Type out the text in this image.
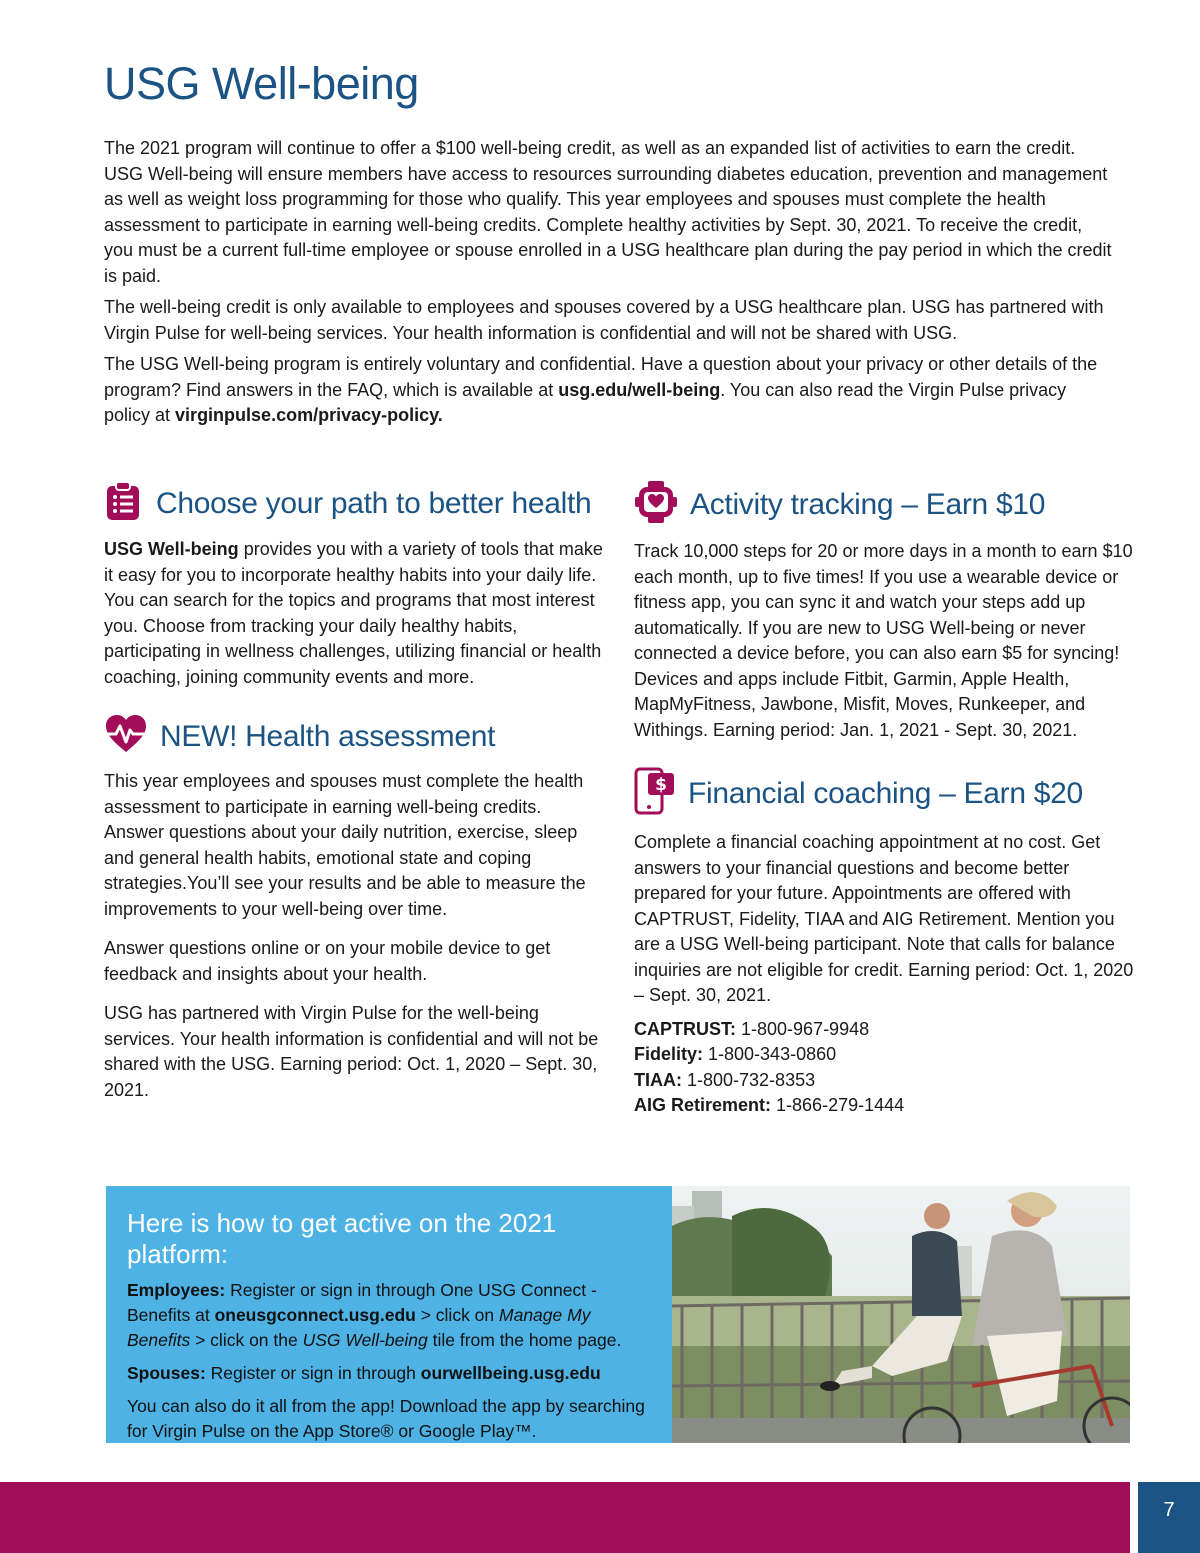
USG Well-being

The 2021 program will continue to offer a $100 well-being credit, as well as an expanded list of activities to earn the credit. USG Well-being will ensure members have access to resources surrounding diabetes education, prevention and management as well as weight loss programming for those who qualify. This year employees and spouses must complete the health assessment to participate in earning well-being credits. Complete healthy activities by Sept. 30, 2021. To receive the credit, you must be a current full-time employee or spouse enrolled in a USG healthcare plan during the pay period in which the credit is paid.

The well-being credit is only available to employees and spouses covered by a USG healthcare plan. USG has partnered with Virgin Pulse for well-being services. Your health information is confidential and will not be shared with USG.

The USG Well-being program is entirely voluntary and confidential. Have a question about your privacy or other details of the program? Find answers in the FAQ, which is available at usg.edu/well-being. You can also read the Virgin Pulse privacy policy at virginpulse.com/privacy-policy.

Choose your path to better health

USG Well-being provides you with a variety of tools that make it easy for you to incorporate healthy habits into your daily life. You can search for the topics and programs that most interest you. Choose from tracking your daily healthy habits, participating in wellness challenges, utilizing financial or health coaching, joining community events and more.

NEW! Health assessment

This year employees and spouses must complete the health assessment to participate in earning well-being credits. Answer questions about your daily nutrition, exercise, sleep and general health habits, emotional state and coping strategies.You’ll see your results and be able to measure the improvements to your well-being over time.

Answer questions online or on your mobile device to get feedback and insights about your health.

USG has partnered with Virgin Pulse for the well-being services. Your health information is confidential and will not be shared with the USG. Earning period: Oct. 1, 2020 – Sept. 30, 2021.

Activity tracking – Earn $10

Track 10,000 steps for 20 or more days in a month to earn $10 each month, up to five times! If you use a wearable device or fitness app, you can sync it and watch your steps add up automatically. If you are new to USG Well-being or never connected a device before, you can also earn $5 for syncing! Devices and apps include Fitbit, Garmin, Apple Health, MapMyFitness, Jawbone, Misfit, Moves, Runkeeper, and Withings. Earning period: Jan. 1, 2021 - Sept. 30, 2021.

$ Financial coaching – Earn $20

Complete a financial coaching appointment at no cost. Get answers to your financial questions and become better prepared for your future. Appointments are offered with CAPTRUST, Fidelity, TIAA and AIG Retirement. Mention you are a USG Well-being participant. Note that calls for balance inquiries are not eligible for credit. Earning period: Oct. 1, 2020 – Sept. 30, 2021.

CAPTRUST: 1-800-967-9948

Fidelity: 1-800-343-0860

TIAA: 1-800-732-8353

AIG Retirement: 1-866-279-1444

Here is how to get active on the 2021 platform:

Employees: Register or sign in through One USG Connect - Benefits at oneusgconnect.usg.edu > click on Manage My Benefits > click on the USG Well-being tile from the home page.

Spouses: Register or sign in through ourwellbeing.usg.edu

You can also do it all from the app! Download the app by searching for Virgin Pulse on the App Store® or Google Play™.

7
